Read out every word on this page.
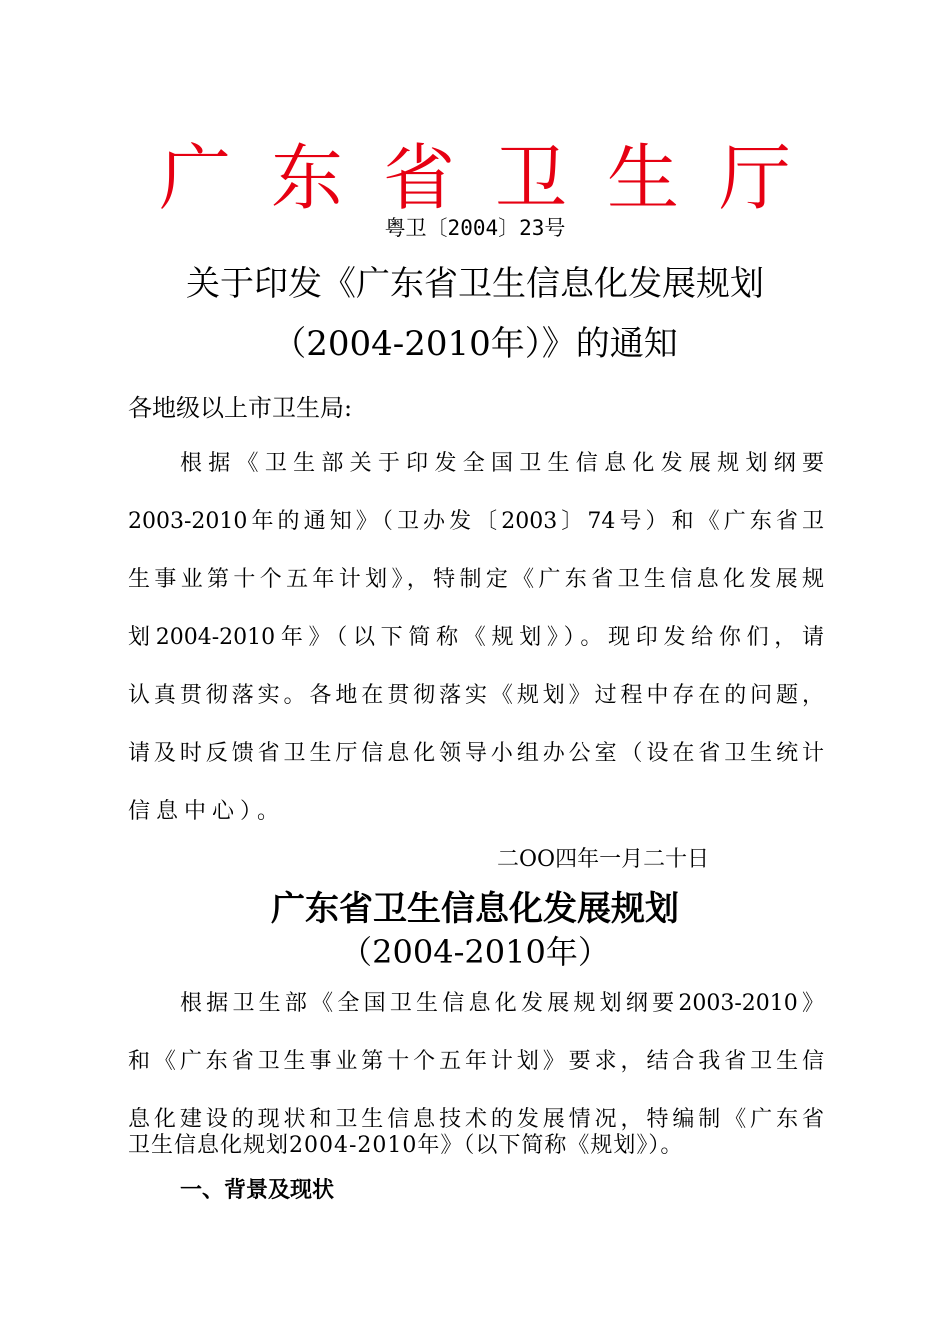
广东省卫生厅
粤卫〔2004〕23号
关于印发《广东省卫生信息化发展规划
（2004-2010年）》的通知
各地级以上市卫生局:
根据《卫生部关于印发全国卫生信息化发展规划纲要
2003-2010年的通知》（卫办发〔2003〕74号）和《广东省卫
生事业第十个五年计划》，特制定《广东省卫生信息化发展规
划2004-2010年》（以下简称《规划》）。现印发给你们，请
认真贯彻落实。各地在贯彻落实《规划》过程中存在的问题，
请及时反馈省卫生厅信息化领导小组办公室（设在省卫生统计
信息中心）。
二OO四年一月二十日
广东省卫生信息化发展规划
（2004-2010年）
根据卫生部《全国卫生信息化发展规划纲要2003-2010》
和《广东省卫生事业第十个五年计划》要求，结合我省卫生信
息化建设的现状和卫生信息技术的发展情况，特编制《广东省
卫生信息化规划2004-2010年》（以下简称《规划》）。
一、背景及现状
